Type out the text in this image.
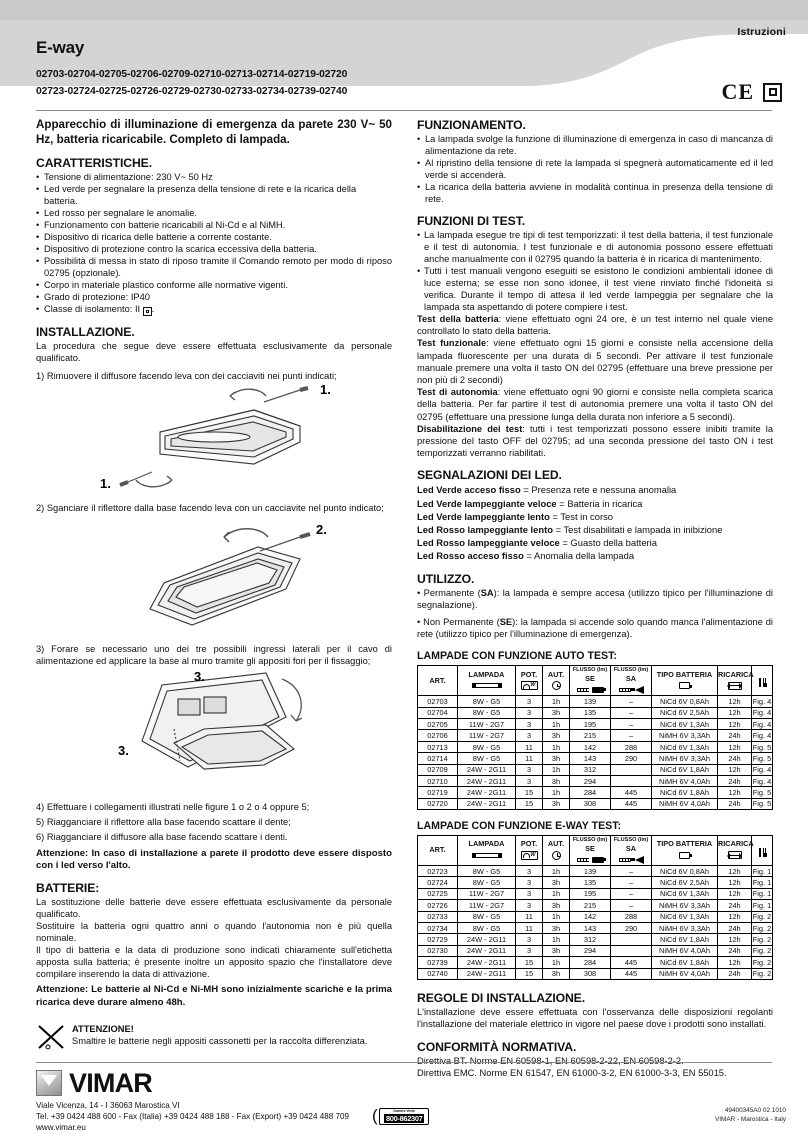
Istruzioni
E-way
02703-02704-02705-02706-02709-02710-02713-02714-02719-02720
02723-02724-02725-02726-02729-02730-02733-02734-02739-02740	CE

Apparecchio di illuminazione di emergenza da parete 230 V~ 50 Hz, batteria ricaricabile. Completo di lampada.

CARATTERISTICHE.
• Tensione di alimentazione: 230 V~ 50 Hz
• Led verde per segnalare la presenza della tensione di rete e la ricarica della batteria.
• Led rosso per segnalare le anomalie.
• Funzionamento con batterie ricaricabili al Ni-Cd e al NiMH.
• Dispositivo di ricarica delle batterie a corrente costante.
• Dispositivo di protezione contro la scarica eccessiva della batteria.
• Possibilità di messa in stato di riposo tramite il Comando remoto per modo di riposo 02795 (opzionale).
• Corpo in materiale plastico conforme alle normative vigenti.
• Grado di protezione: IP40
• Classe di isolamento: II .
INSTALLAZIONE.

La procedura che segue deve essere effettuata esclusivamente da personale qualificato.

1) Rimuovere il diffusore facendo leva con dei cacciaviti nei punti indicati;

1.
1.

2) Sganciare il riflettore dalla base facendo leva con un cacciavite nel punto indicato;

2.

3) Forare se necessario uno dei tre possibili ingressi laterali per il cavo di alimentazione ed applicare la base al muro tramite gli appositi fori per il fissaggio;

3.
3.

4) Effettuare i collegamenti illustrati nelle figure 1 o 2 o 4 oppure 5;

5) Riagganciare il riflettore alla base facendo scattare il dente;

6) Riagganciare il diffusore alla base facendo scattare i denti.

Attenzione: In caso di installazione a parete il prodotto deve essere disposto con i led verso l'alto.

BATTERIE:

La sostituzione delle batterie deve essere effettuata esclusivamente da personale qualificato.

Sostituire la batteria ogni quattro anni o quando l'autonomia non è più quella nominale.

Il tipo di batteria e la data di produzione sono indicati chiaramente sull'etichetta apposta sulla batteria; è presente inoltre un apposito spazio che l'installatore deve compilare inserendo la data di attivazione.

Attenzione: Le batterie al Ni-Cd e Ni-MH sono inizialmente scariche e la prima ricarica deve durare almeno 48h.

ATTENZIONE!
Smaltire le batterie negli appositi cassonetti per la raccolta differenziata.
FUNZIONAMENTO.
• La lampada svolge la funzione di illuminazione di emergenza in caso di mancanza di alimentazione da rete.
• Al ripristino della tensione di rete la lampada si spegnerà automaticamente ed il led verde si accenderà.
• La ricarica della batteria avviene in modalità continua in presenza della tensione di rete.
FUNZIONI DI TEST.
• La lampada esegue tre tipi di test temporizzati: il test della batteria, il test funzionale e il test di autonomia. I test funzionale e di autonomia possono essere effettuati anche manualmente con il 02795 quando la batteria è in ricarica di mantenimento.
• Tutti i test manuali vengono eseguiti se esistono le condizioni ambientali idonee di luce esterna; se esse non sono idonee, il test viene rinviato finché l'idoneità si verifica. Durante il tempo di attesa il led verde lampeggia per segnalare che la lampada sta aspettando di potere compiere i test.

Test della batteria: viene effettuato ogni 24 ore, è un test interno nel quale viene controllato lo stato della batteria.

Test funzionale: viene effettuato ogni 15 giorni e consiste nella accensione della lampada fluorescente per una durata di 5 secondi. Per attivare il test funzionale manuale premere una volta il tasto ON del 02795 (effettuare una breve pressione per non più di 2 secondi)

Test di autonomia: viene effettuato ogni 90 giorni e consiste nella completa scarica della batteria. Per far partire il test di autonomia premere una volta il tasto ON del 02795 (effettuare una pressione lunga della durata non inferiore a 5 secondi).

Disabilitazione dei test: tutti i test temporizzati possono essere inibiti tramite la pressione del tasto OFF del 02795; ad una seconda pressione del tasto ON i test temporizzati verranno riabilitati.

SEGNALAZIONI DEI LED.
Led Verde acceso fisso = Presenza rete e nessuna anomalia
Led Verde lampeggiante veloce = Batteria in ricarica
Led Verde lampeggiante lento = Test in corso
Led Rosso lampeggiante lento = Test disabilitati e lampada in inibizione
Led Rosso lampeggiante veloce = Guasto della batteria
Led Rosso acceso fisso = Anomalia della lampada
UTILIZZO.

• Permanente (SA): la lampada è sempre accesa (utilizzo tipico per l'illuminazione di segnalazione).

• Non Permanente (SE): la lampada si accende solo quando manca l'alimentazione di rete (utilizzo tipico per l'illuminazione di emergenza).

LAMPADE CON FUNZIONE AUTO TEST:
ART.	LAMPADA	POT.
W	AUT.	FLUSSO (lm)
SE	FLUSSO (lm)
SA	TIPO BATTERIA	RICARICA	

02703	8W - G5	3	1h	139	–	NiCd 6V 0,8Ah	12h	Fig. 4
02704	8W - G5	3	3h	135	–	NiCd 6V 2,5Ah	12h	Fig. 4
02705	11W - 2G7	3	1h	195	–	NiCd 6V 1,3Ah	12h	Fig. 4
02706	11W - 2G7	3	3h	215	–	NiMH 6V 3,3Ah	24h	Fig. 4
02713	8W - G5	11	1h	142	288	NiCd 6V 1,3Ah	12h	Fig. 5
02714	8W - G5	11	3h	143	290	NiMH 6V 3,3Ah	24h	Fig. 5
02709	24W - 2G11	3	1h	312		NiCd 6V 1,8Ah	12h	Fig. 4
02710	24W - 2G11	3	3h	294		NiMH 6V 4,0Ah	24h	Fig. 4
02719	24W - 2G11	15	1h	284	445	NiCd 6V 1,8Ah	12h	Fig. 5
02720	24W - 2G11	15	3h	308	445	NiMH 6V 4,0Ah	24h	Fig. 5
LAMPADE CON FUNZIONE E-WAY TEST:
ART.	LAMPADA	POT.
W	AUT.	FLUSSO (lm)
SE	FLUSSO (lm)
SA	TIPO BATTERIA	RICARICA	

02723	8W - G5	3	1h	139	–	NiCd 6V 0,8Ah	12h	Fig. 1
02724	8W - G5	3	3h	135	–	NiCd 6V 2,5Ah	12h	Fig. 1
02725	11W - 2G7	3	1h	195	–	NiCd 6V 1,3Ah	12h	Fig. 1
02726	11W - 2G7	3	3h	215	–	NiMH 6V 3,3Ah	24h	Fig. 1
02733	8W - G5	11	1h	142	288	NiCd 6V 1,3Ah	12h	Fig. 2
02734	8W - G5	11	3h	143	290	NiMH 6V 3,3Ah	24h	Fig. 2
02729	24W - 2G11	3	1h	312		NiCd 6V 1,8Ah	12h	Fig. 2
02730	24W - 2G11	3	3h	294		NiMH 6V 4,0Ah	24h	Fig. 2
02739	24W - 2G11	15	1h	284	445	NiCd 6V 1,8Ah	12h	Fig. 2
02740	24W - 2G11	15	3h	308	445	NiMH 6V 4,0Ah	24h	Fig. 2
REGOLE DI INSTALLAZIONE.

L'installazione deve essere effettuata con l'osservanza delle disposizioni regolanti l'installazione del materiale elettrico in vigore nel paese dove i prodotti sono installati.

CONFORMITÀ NORMATIVA.

Direttiva BT. Norme EN 60598-1, EN 60598-2-22, EN 60598-2-2.

Direttiva EMC. Norme EN 61547, EN 61000-3-2, EN 61000-3-3, EN 55015.

VIMAR
Viale Vicenza, 14 - I 36063 Marostica VI
Tel. +39 0424 488 600 - Fax (Italia) +39 0424 488 188 - Fax (Export) +39 0424 488 709
www.vimar.eu
(	Numero Verde
800-862307
49400345A0 02 1010
VIMAR - Marostica - Italy
